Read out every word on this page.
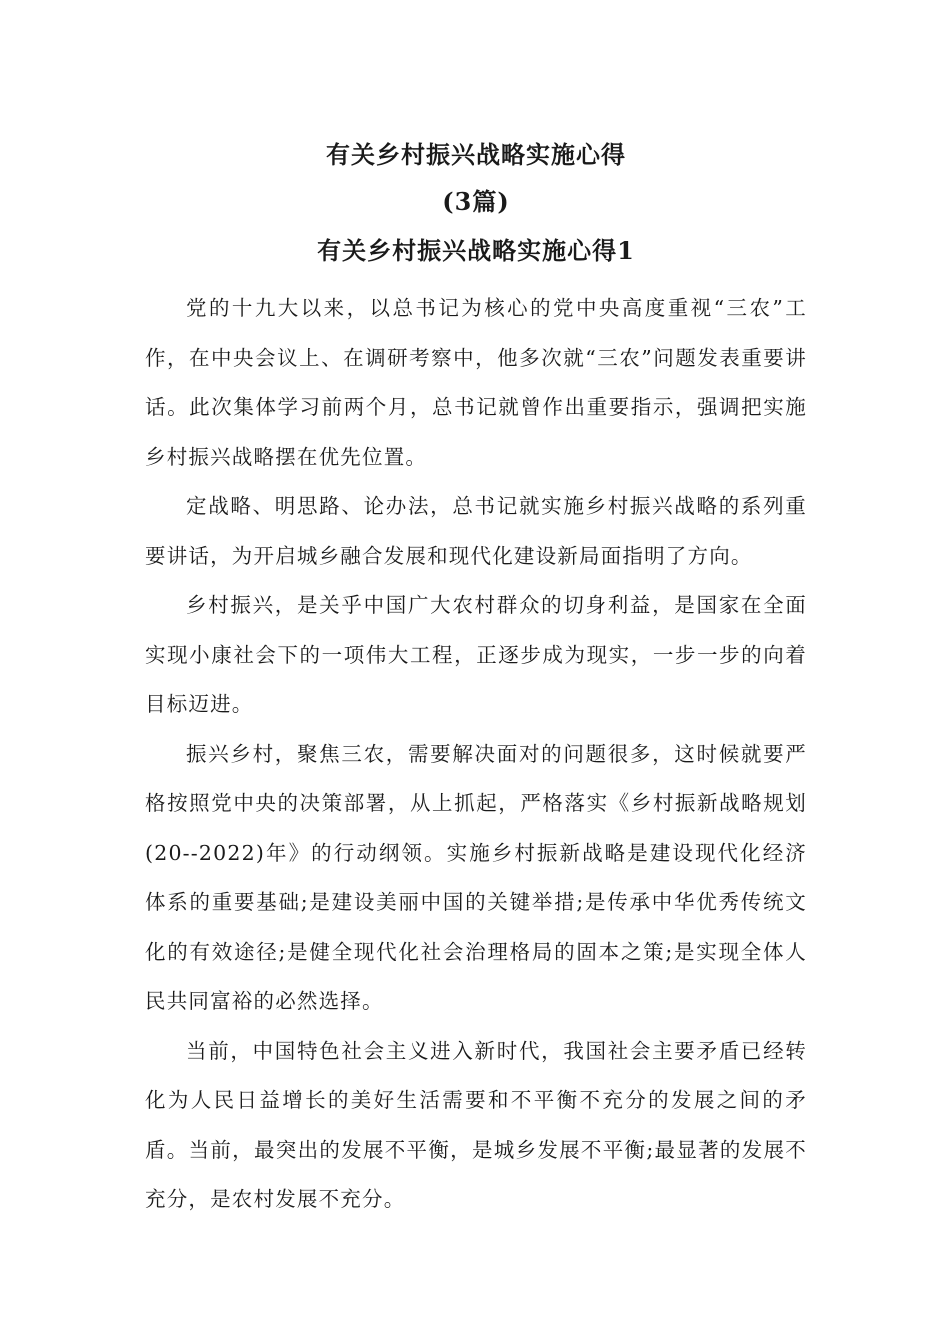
有关乡村振兴战略实施心得
(3篇)
有关乡村振兴战略实施心得1

党的十九大以来，以总书记为核心的党中央高度重视“三农”工作，在中央会议上、在调研考察中，他多次就“三农”问题发表重要讲话。此次集体学习前两个月，总书记就曾作出重要指示，强调把实施乡村振兴战略摆在优先位置。

定战略、明思路、论办法，总书记就实施乡村振兴战略的系列重要讲话，为开启城乡融合发展和现代化建设新局面指明了方向。

乡村振兴，是关乎中国广大农村群众的切身利益，是国家在全面实现小康社会下的一项伟大工程，正逐步成为现实，一步一步的向着目标迈进。

振兴乡村，聚焦三农，需要解决面对的问题很多，这时候就要严格按照党中央的决策部署，从上抓起，严格落实《乡村振新战略规划(20--2022)年》的行动纲领。实施乡村振新战略是建设现代化经济体系的重要基础;是建设美丽中国的关键举措;是传承中华优秀传统文化的有效途径;是健全现代化社会治理格局的固本之策;是实现全体人民共同富裕的必然选择。

当前，中国特色社会主义进入新时代，我国社会主要矛盾已经转化为人民日益增长的美好生活需要和不平衡不充分的发展之间的矛盾。当前，最突出的发展不平衡，是城乡发展不平衡;最显著的发展不充分，是农村发展不充分。
